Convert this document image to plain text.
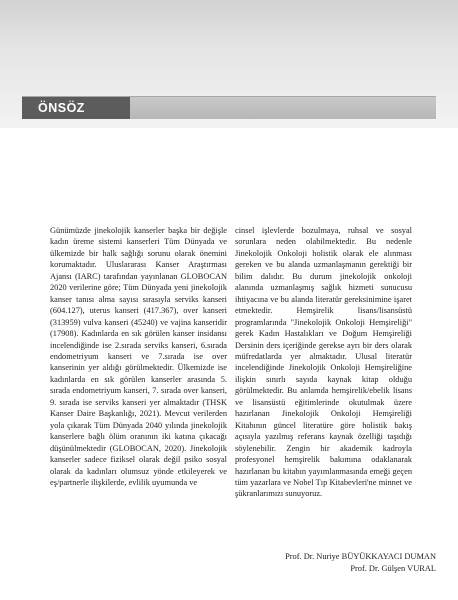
ÖNSÖZ

Günümüzde jinekolojik kanserler başka bir değişle kadın üreme sistemi kanserleri Tüm Dünyada ve ülkemizde bir halk sağlığı sorunu olarak önemini korumaktadır. Uluslararası Kanser Araştırması Ajansı (IARC) tarafından yayınlanan GLOBOCAN 2020 verilerine göre; Tüm Dünyada yeni jinekolojik kanser tanısı alma sayısı sırasıyla serviks kanseri (604.127), uterus kanseri (417.367), over kanseri (313959) vulva kanseri (45240) ve vajina kanseridir (17908). Kadınlarda en sık görülen kanser insidansı incelendiğinde ise 2.sırada serviks kanseri, 6.sırada endometriyum kanseri ve 7.sırada ise over kanserinin yer aldığı görülmektedir. Ülkemizde ise kadınlarda en sık görülen kanserler arasında 5. sırada endometriyum kanseri, 7. sırada over kanseri, 9. sırada ise serviks kanseri yer almaktadır (THSK Kanser Daire Başkanlığı, 2021). Mevcut verilerden yola çıkarak Tüm Dünyada 2040 yılında jinekolojik kanserlere bağlı ölüm oranının iki katına çıkacağı düşünülmektedir (GLOBOCAN, 2020). Jinekolojik kanserler sadece fiziksel olarak değil psiko sosyal olarak da kadınları olumsuz yönde etkileyerek ve eş/partnerle ilişkilerde, evlilik uyumunda ve

cinsel işlevlerde bozulmaya, ruhsal ve sosyal sorunlara neden olabilmektedir. Bu nedenle Jinekolojik Onkoloji holistik olarak ele alınması gereken ve bu alanda uzmanlaşmanın gerektiği bir bilim dalıdır. Bu durum jinekolojik onkoloji alanında uzmanlaşmış sağlık hizmeti sunucusu ihtiyacına ve bu alanda literatür gereksinimine işaret etmektedir. Hemşirelik lisans/lisansüstü programlarında "Jinekolojik Onkoloji Hemşireliği" gerek Kadın Hastalıkları ve Doğum Hemşireliği Dersinin ders içeriğinde gerekse ayrı bir ders olarak müfredatlarda yer almaktadır. Ulusal literatür incelendiğinde Jinekolojik Onkoloji Hemşireliğine ilişkin sınırlı sayıda kaynak kitap olduğu görülmektedir. Bu anlamda hemşirelik/ebelik lisans ve lisansüstü eğitimlerinde okutulmak üzere hazırlanan Jinekolojik Onkoloji Hemşireliği Kitabının güncel literatüre göre holistik bakış açısıyla yazılmış referans kaynak özelliği taşıdığı söylenebilir. Zengin bir akademik kadroyla profesyonel hemşirelik bakımına odaklanarak hazırlanan bu kitabın yayımlanmasında emeği geçen tüm yazarlara ve Nobel Tıp Kitabevleri'ne minnet ve şükranlarımızı sunuyoruz.

Prof. Dr. Nuriye BÜYÜKKAYACI DUMAN
Prof. Dr. Gülşen VURAL
